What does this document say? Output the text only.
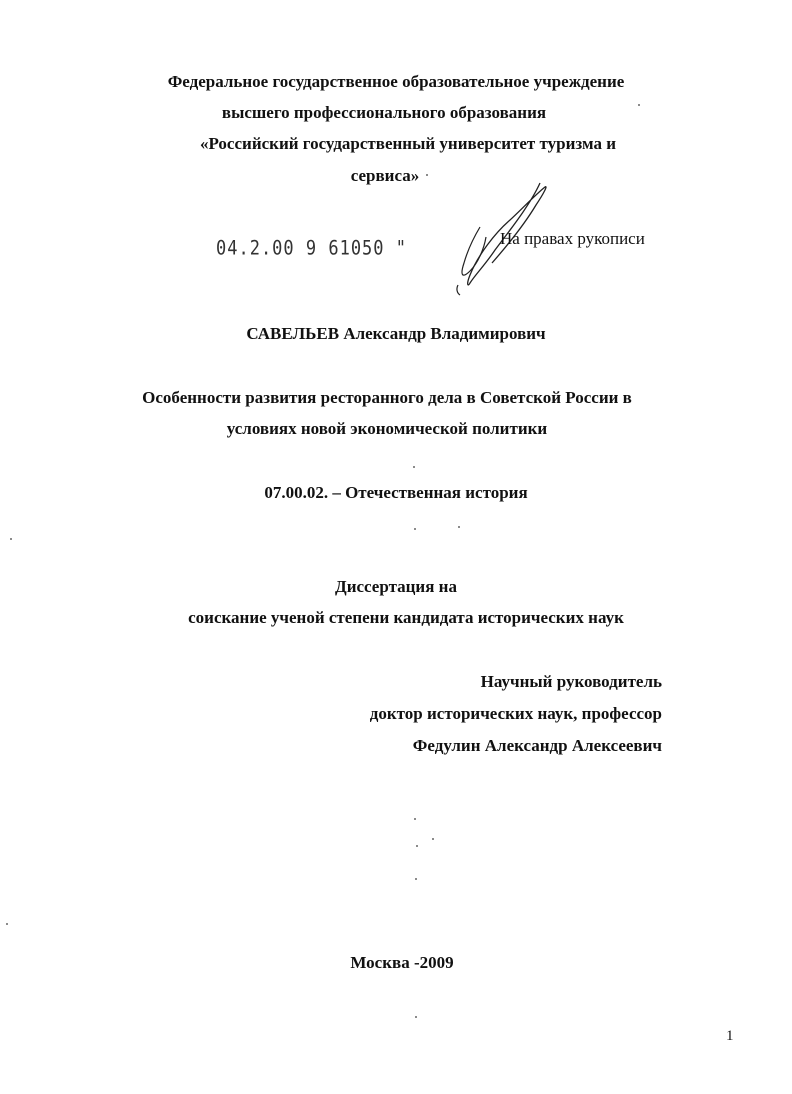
Федеральное государственное образовательное учреждение
высшего профессионального образования
«Российский государственный университет туризма и
сервиса»
04.2.00 9 61050 "	На правах рукописи
САВЕЛЬЕВ Александр Владимирович
Особенности развития ресторанного дела в Советской России в
условиях новой экономической политики
07.00.02. – Отечественная история
Диссертация на
соискание ученой степени кандидата исторических наук
Научный руководитель
доктор исторических наук, профессор
Федулин Александр Алексеевич
Москва -2009
1
